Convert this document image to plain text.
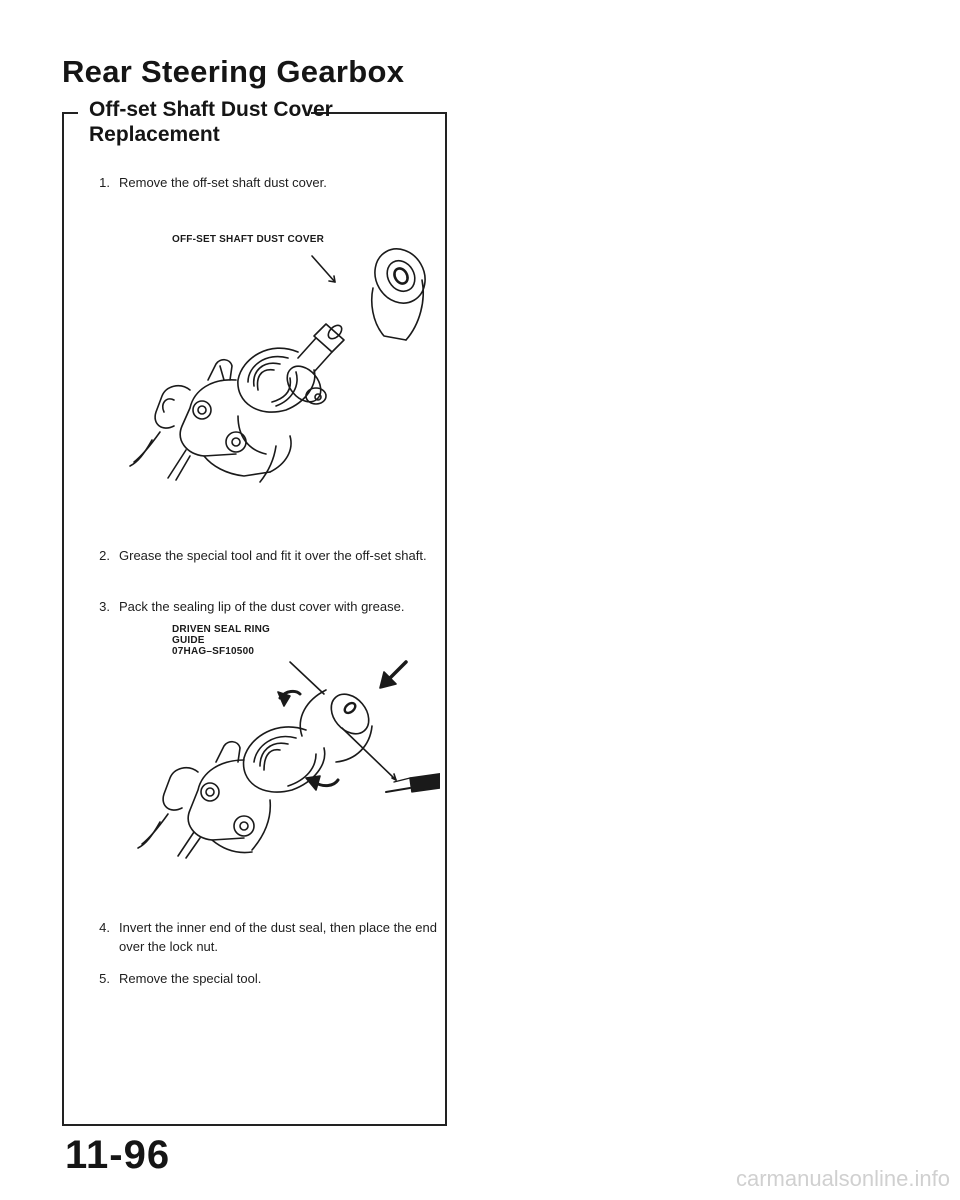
Rear Steering Gearbox
Off-set Shaft Dust Cover
Replacement
1. Remove the off-set shaft dust cover.
OFF-SET SHAFT DUST COVER
2. Grease the special tool and fit it over the off-set shaft.
3. Pack the sealing lip of the dust cover with grease.
DRIVEN SEAL RING
GUIDE
07HAG–SF10500
4. Invert the inner end of the dust seal, then place the end over the lock nut.
5. Remove the special tool.
11-96
carmanualsonline.info
